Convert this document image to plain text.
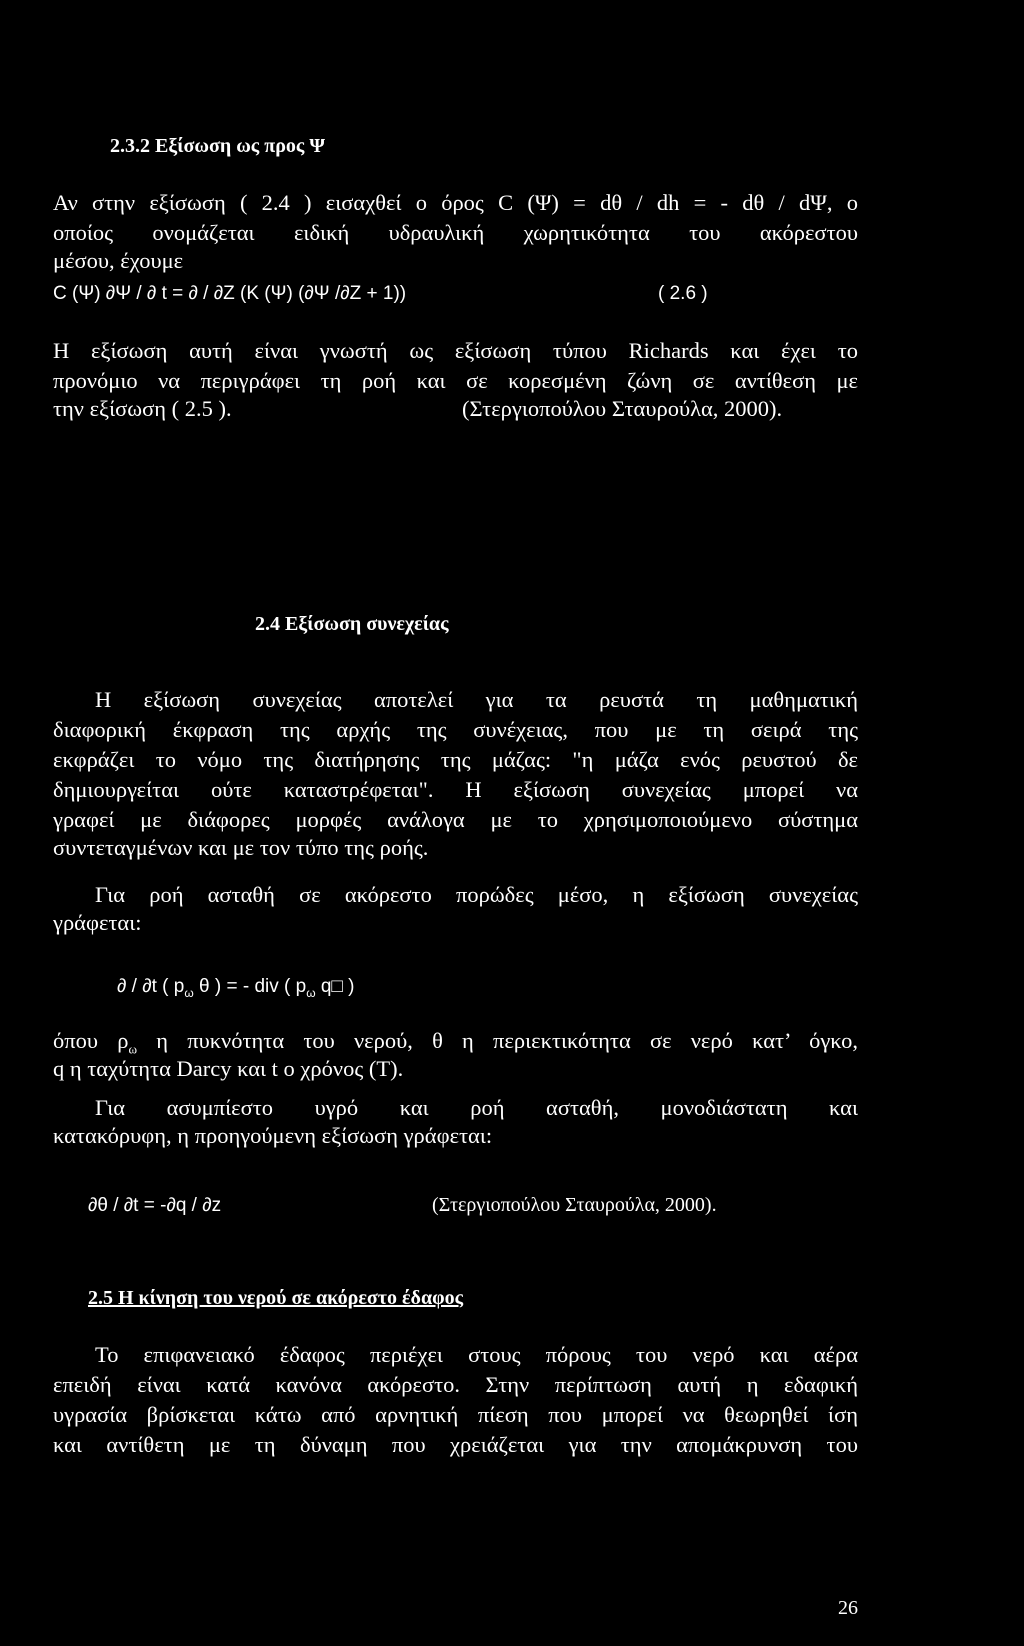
2.3.2 Εξίσωση ως προς Ψ
Αν στην εξίσωση ( 2.4 ) εισαχθεί ο όρος C (Ψ) = dθ / dh = - dθ / dΨ, ο
οποίος ονομάζεται ειδική υδραυλική χωρητικότητα του ακόρεστου
μέσου, έχουμε
C (Ψ) ∂Ψ / ∂ t = ∂ / ∂Z (K (Ψ) (∂Ψ /∂Z + 1))	( 2.6 )
Η εξίσωση αυτή είναι γνωστή ως εξίσωση τύπου Richards και έχει το
προνόμιο να περιγράφει τη ροή και σε κορεσμένη ζώνη σε αντίθεση με
την εξίσωση ( 2.5 ).	(Στεργιοπούλου Σταυρούλα, 2000).
2.4 Εξίσωση συνεχείας
Η εξίσωση συνεχείας αποτελεί για τα ρευστά τη μαθηματική
διαφορική έκφραση της αρχής της συνέχειας, που με τη σειρά της
εκφράζει το νόμο της διατήρησης της μάζας: "η μάζα ενός ρευστού δε
δημιουργείται ούτε καταστρέφεται". Η εξίσωση συνεχείας μπορεί να
γραφεί με διάφορες μορφές ανάλογα με το χρησιμοποιούμενο σύστημα
συντεταγμένων και με τον τύπο της ροής.
Για ροή ασταθή σε ακόρεστο πορώδες μέσο, η εξίσωση συνεχείας
γράφεται:
∂ / ∂t ( $p_\omega$ θ ) = - div ( $p_\omega$ q□ )
όπου $\rho_\omega$ η πυκνότητα του νερού, θ η περιεκτικότητα σε νερό κατ’ όγκο,
q η ταχύτητα Darcy και t ο χρόνος (T).
Για ασυμπίεστο υγρό και ροή ασταθή, μονοδιάστατη και
κατακόρυφη, η προηγούμενη εξίσωση γράφεται:
∂θ / ∂t = -∂q / ∂z	(Στεργιοπούλου Σταυρούλα, 2000).
2.5 Η κίνηση του νερού σε ακόρεστο έδαφος
Το επιφανειακό έδαφος περιέχει στους πόρους του νερό και αέρα
επειδή είναι κατά κανόνα ακόρεστο. Στην περίπτωση αυτή η εδαφική
υγρασία βρίσκεται κάτω από αρνητική πίεση που μπορεί να θεωρηθεί ίση
και αντίθετη με τη δύναμη που χρειάζεται για την απομάκρυνση του
26
